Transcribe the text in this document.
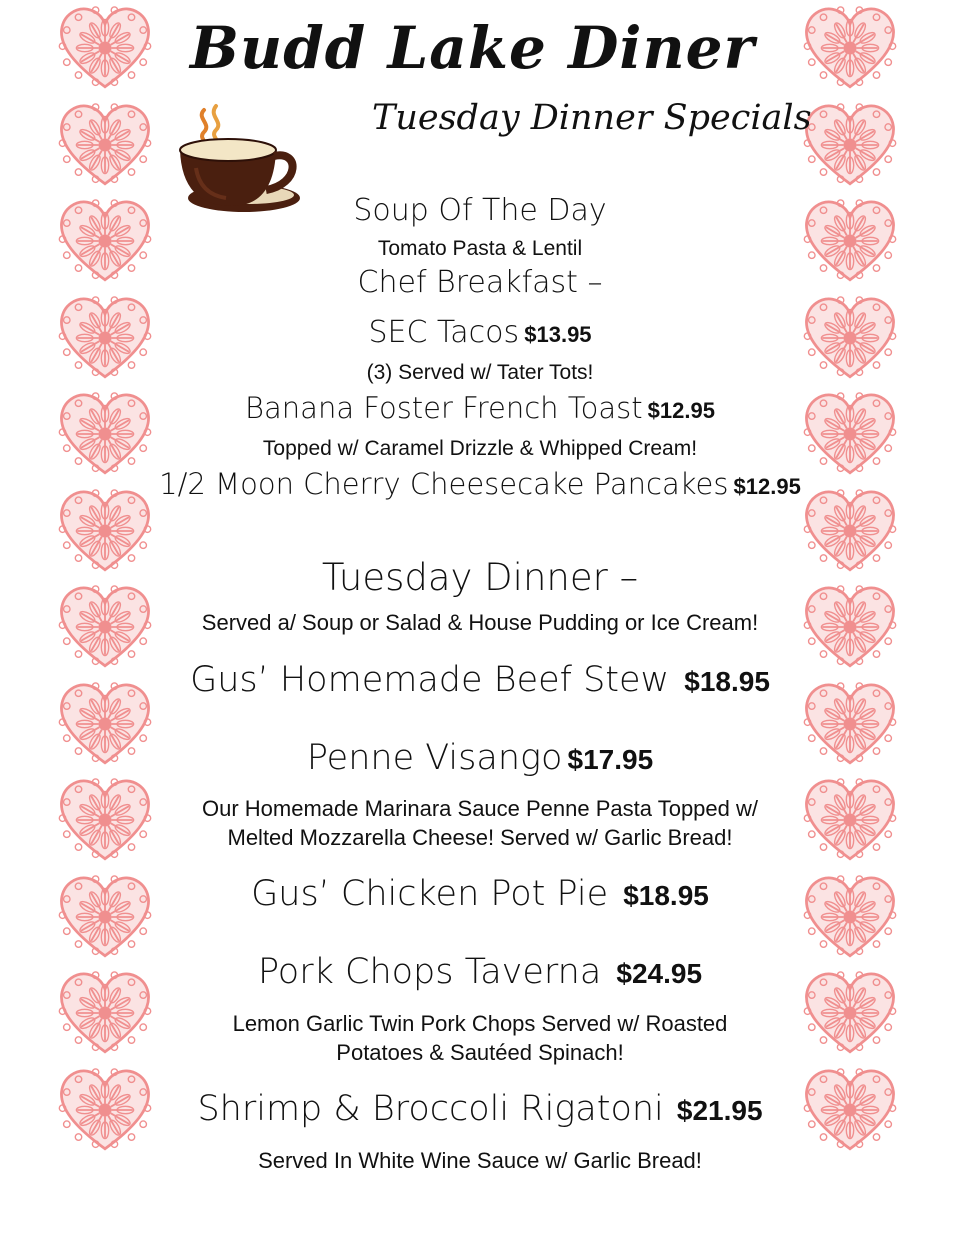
Budd Lake Diner
Tuesday Dinner Specials
Soup Of The Day
Tomato Pasta & Lentil
Chef Breakfast –
SEC Tacos $13.95
(3) Served w/ Tater Tots!
Banana Foster French Toast $12.95
Topped w/ Caramel Drizzle & Whipped Cream!
1/2 Moon Cherry Cheesecake Pancakes $12.95
Tuesday Dinner –
Served a/ Soup or Salad & House Pudding or Ice Cream!
Gus’ Homemade Beef Stew $18.95
Penne Visango $17.95
Our Homemade Marinara Sauce Penne Pasta Topped w/
Melted Mozzarella Cheese! Served w/ Garlic Bread!
Gus’ Chicken Pot Pie $18.95
Pork Chops Taverna $24.95
Lemon Garlic Twin Pork Chops Served w/ Roasted
Potatoes & Sautéed Spinach!
Shrimp & Broccoli Rigatoni $21.95
Served In White Wine Sauce w/ Garlic Bread!
